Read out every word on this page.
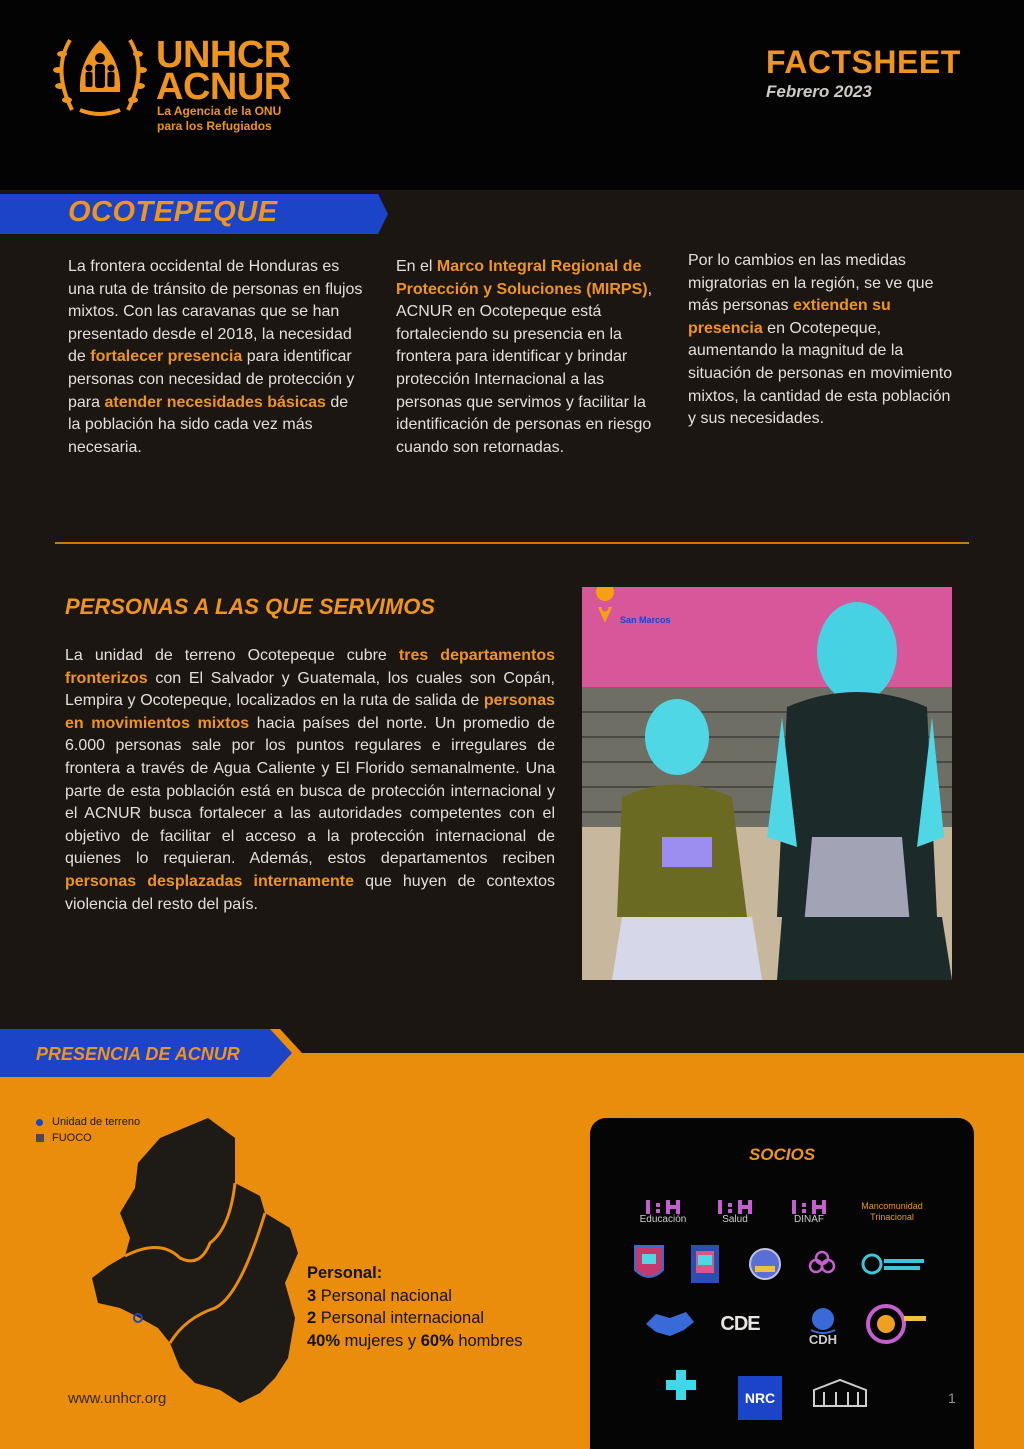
UNHCR
ACNUR
La Agencia de la ONU
para los Refugiados
FACTSHEET
Febrero 2023
OCOTEPEQUE
La frontera occidental de Honduras es una ruta de tránsito de personas en flujos mixtos. Con las caravanas que se han presentado desde el 2018, la necesidad de fortalecer presencia para identificar personas con necesidad de protección y para atender necesidades básicas de la población ha sido cada vez más necesaria.
En el Marco Integral Regional de Protección y Soluciones (MIRPS), ACNUR en Ocotepeque está fortaleciendo su presencia en la frontera para identificar y brindar protección Internacional a las personas que servimos y facilitar la identificación de personas en riesgo cuando son retornadas.
Por lo cambios en las medidas migratorias en la región, se ve que más personas extienden su presencia en Ocotepeque, aumentando la magnitud de la situación de personas en movimiento mixtos, la cantidad de esta población y sus necesidades.
PERSONAS A LAS QUE SERVIMOS
La unidad de terreno Ocotepeque cubre tres departamentos fronterizos con El Salvador y Guatemala, los cuales son Copán, Lempira y Ocotepeque, localizados en la ruta de salida de personas en movimientos mixtos hacia países del norte. Un promedio de 6.000 personas sale por los puntos regulares e irregulares de frontera a través de Agua Caliente y El Florido semanalmente. Una parte de esta población está en busca de protección internacional y el ACNUR busca fortalecer a las autoridades competentes con el objetivo de facilitar el acceso a la protección internacional de quienes lo requieran. Además, estos departamentos reciben personas desplazadas internamente que huyen de contextos violencia del resto del país.
San Marcos
PRESENCIA DE ACNUR
Unidad de terreno
FUOCO
Personal:
3 Personal nacional
2 Personal internacional
40% mujeres y 60% hombres
www.unhcr.org
SOCIOS
Educación	Salud	DINAF
Mancomunidad Trinacional
CDE
CDH
NRC	1
